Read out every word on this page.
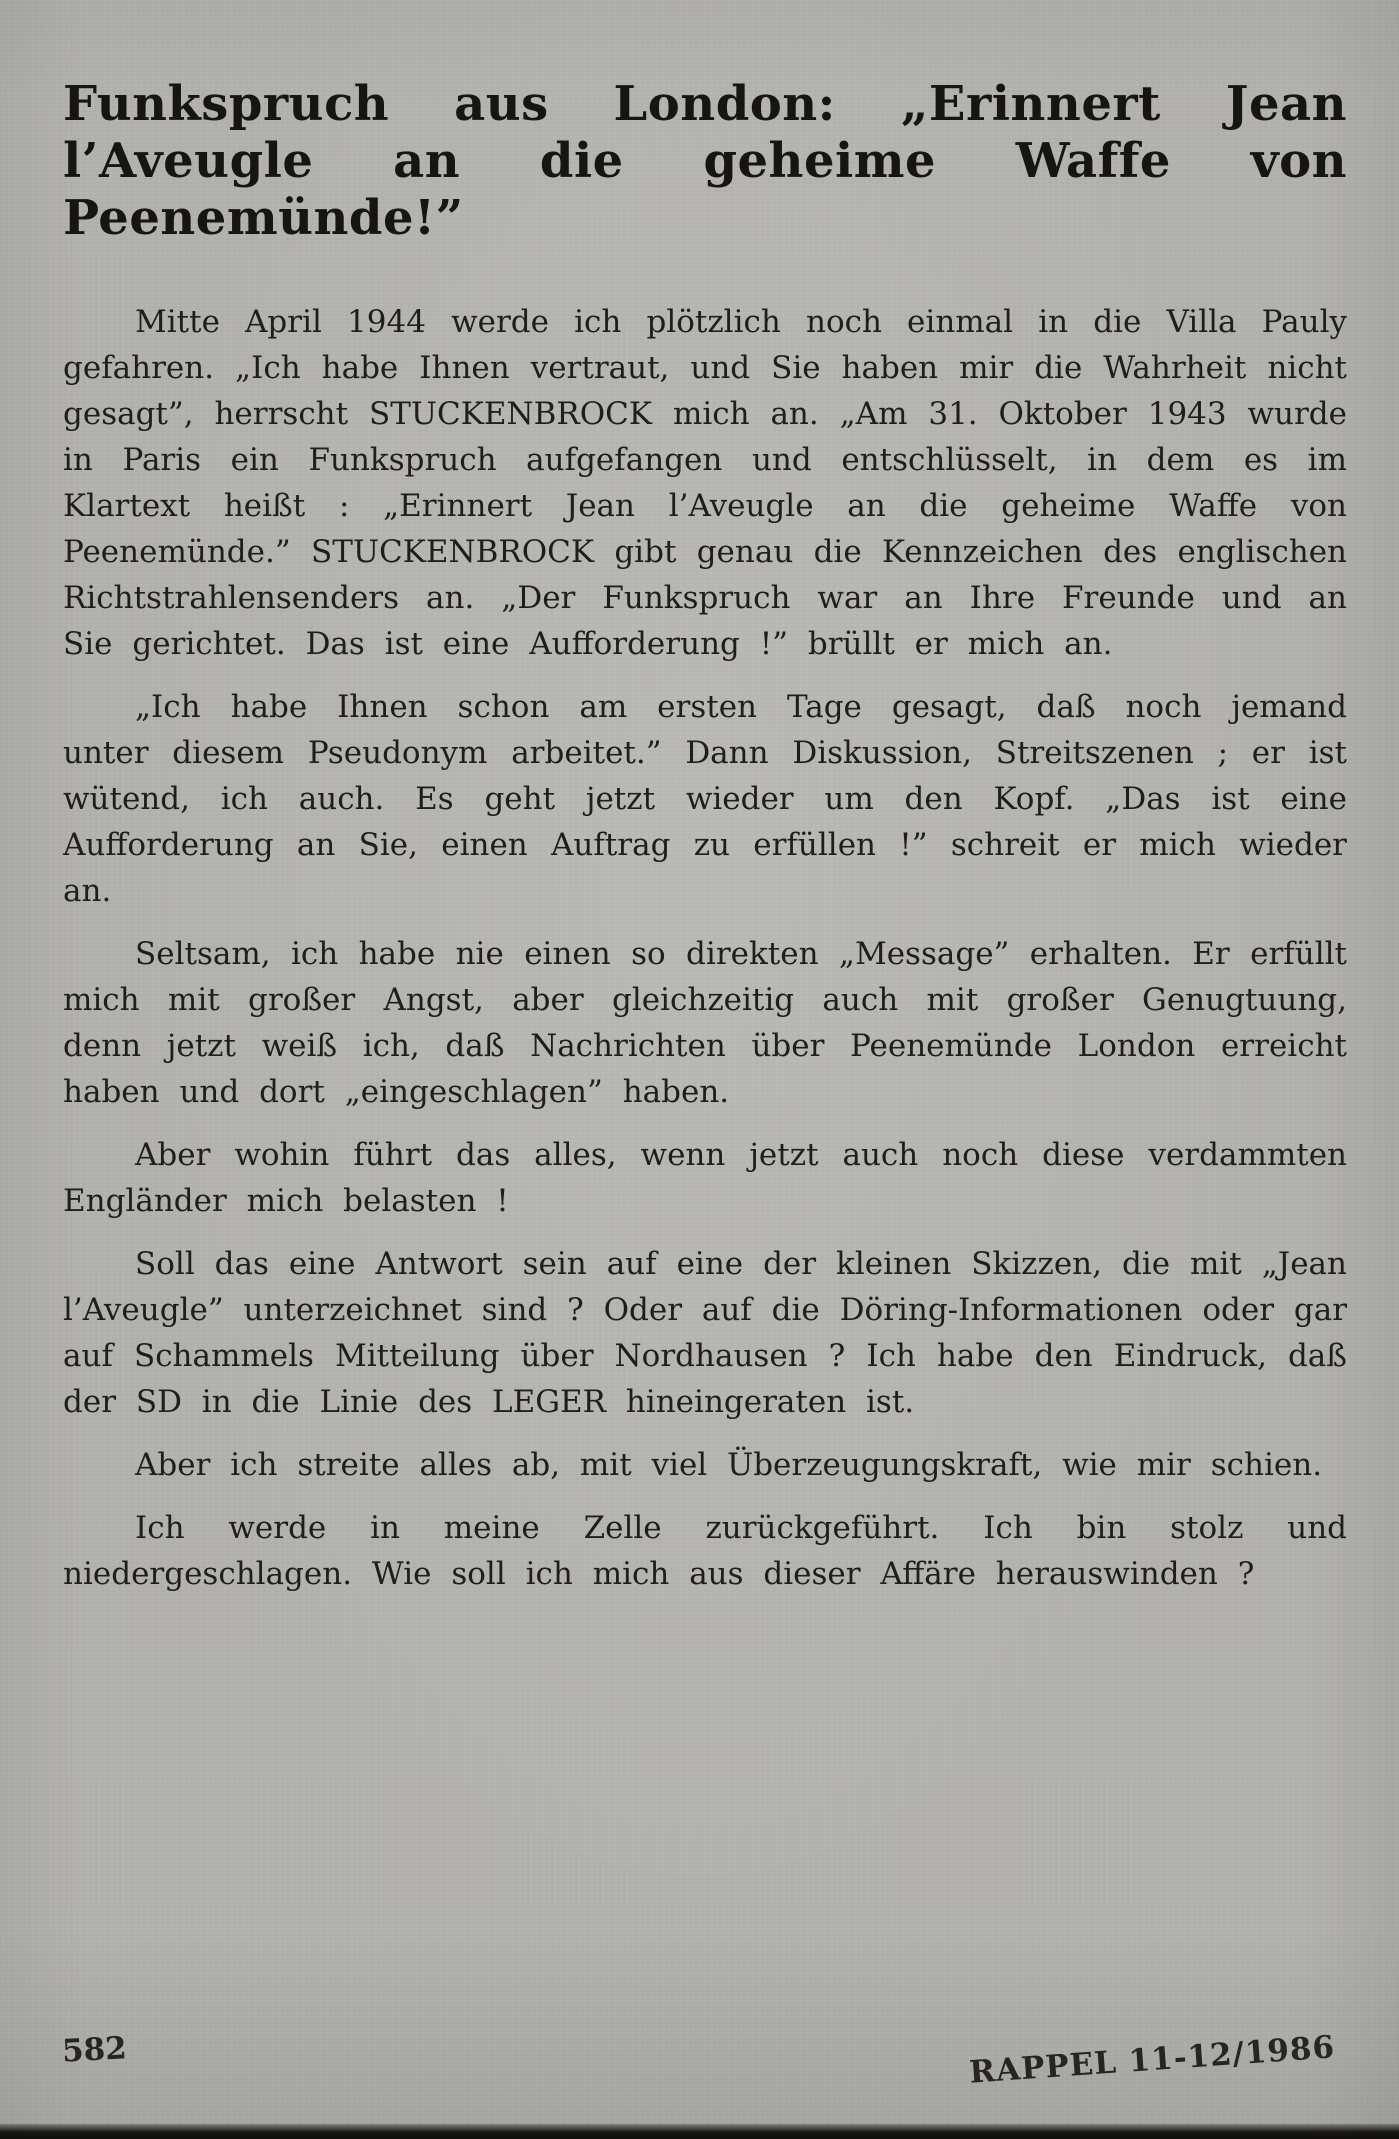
Funkspruch aus London: „Erinnert Jean
l’Aveugle an die geheime Waffe von
Peenemünde!”

Mitte April 1944 werde ich plötzlich noch einmal in die Villa Pauly gefahren. „Ich habe Ihnen vertraut, und Sie haben mir die Wahrheit nicht gesagt”, herrscht STUCKENBROCK mich an. „Am 31. Oktober 1943 wurde in Paris ein Funkspruch aufgefangen und entschlüsselt, in dem es im Klartext heißt : „Erinnert Jean l’Aveugle an die geheime Waffe von Peenemünde.” STUCKENBROCK gibt genau die Kennzeichen des englischen Richtstrahlensenders an. „Der Funkspruch war an Ihre Freunde und an Sie gerichtet. Das ist eine Aufforderung !” brüllt er mich an.

„Ich habe Ihnen schon am ersten Tage gesagt, daß noch jemand unter diesem Pseudonym arbeitet.” Dann Diskussion, Streitszenen ; er ist wütend, ich auch. Es geht jetzt wieder um den Kopf. „Das ist eine Aufforderung an Sie, einen Auftrag zu erfüllen !” schreit er mich wieder an.

Seltsam, ich habe nie einen so direkten „Message” erhalten. Er erfüllt mich mit großer Angst, aber gleichzeitig auch mit großer Genugtuung, denn jetzt weiß ich, daß Nachrichten über Peenemünde London erreicht haben und dort „eingeschlagen” haben.

Aber wohin führt das alles, wenn jetzt auch noch diese verdammten Engländer mich belasten !

Soll das eine Antwort sein auf eine der kleinen Skizzen, die mit „Jean l’Aveugle” unterzeichnet sind ? Oder auf die Döring-Informationen oder gar auf Schammels Mitteilung über Nordhausen ? Ich habe den Eindruck, daß der SD in die Linie des LEGER hineingeraten ist.

Aber ich streite alles ab, mit viel Überzeugungskraft, wie mir schien.

Ich werde in meine Zelle zurückgeführt. Ich bin stolz und niedergeschlagen. Wie soll ich mich aus dieser Affäre herauswinden ?

582	RAPPEL 11-12/1986
